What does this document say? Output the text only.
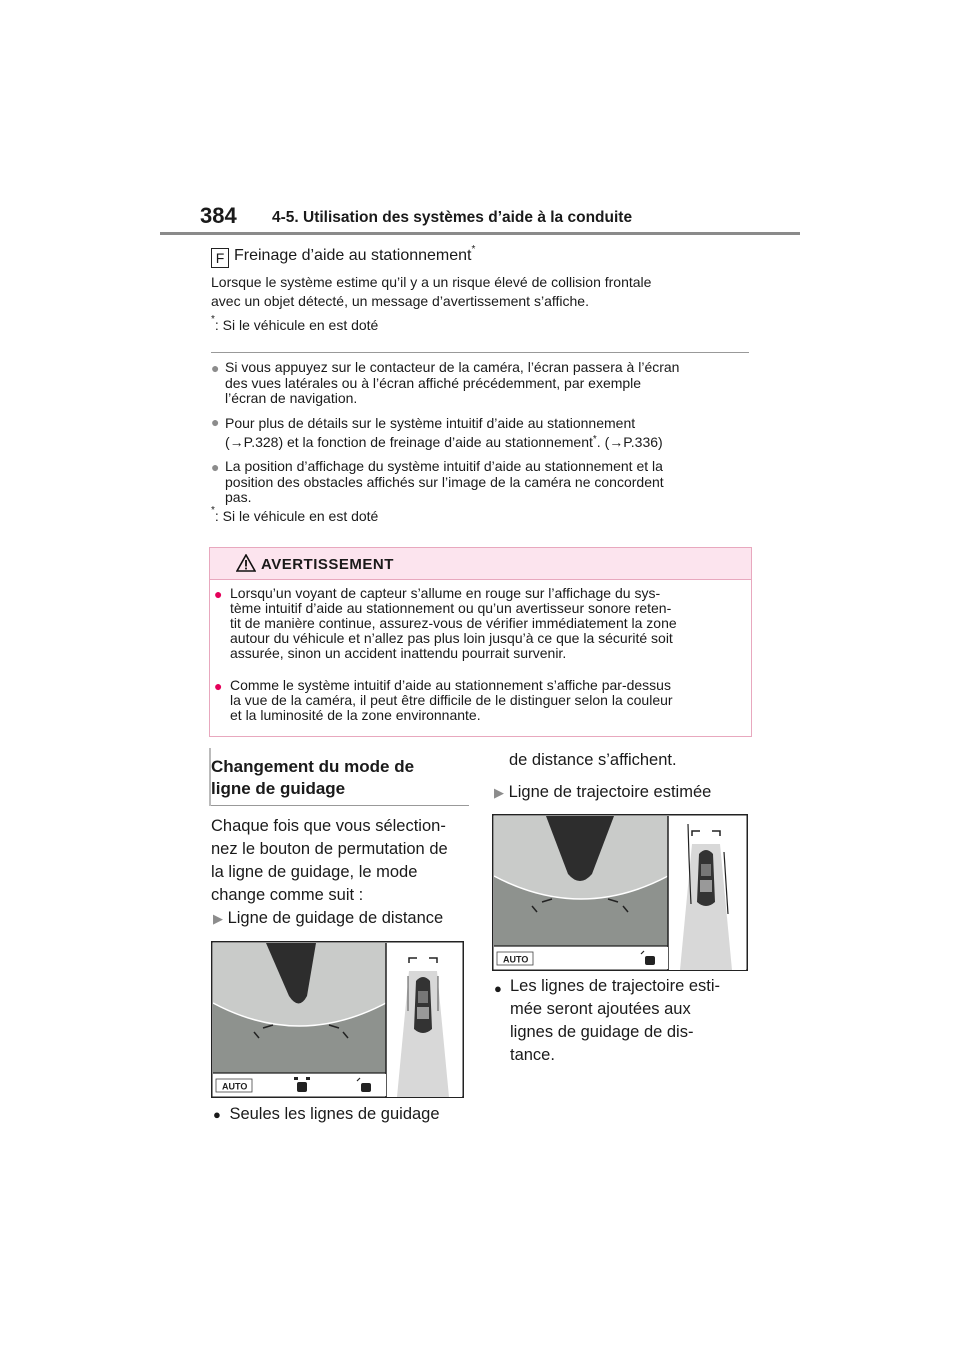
384 4-5. Utilisation des systèmes d’aide à la conduite
F Freinage d’aide au stationnement*
Lorsque le système estime qu’il y a un risque élevé de collision frontale
avec un objet détecté, un message d’avertissement s’affiche.
*: Si le véhicule en est doté
● Si vous appuyez sur le contacteur de la caméra, l’écran passera à l’écran
des vues latérales ou à l’écran affiché précédemment, par exemple
l’écran de navigation.
● Pour plus de détails sur le système intuitif d’aide au stationnement
(→P.328) et la fonction de freinage d’aide au stationnement*. (→P.336)
● La position d’affichage du système intuitif d’aide au stationnement et la
position des obstacles affichés sur l’image de la caméra ne concordent
pas.
*: Si le véhicule en est doté
AVERTISSEMENT
● Lorsqu’un voyant de capteur s’allume en rouge sur l’affichage du sys-
tème intuitif d’aide au stationnement ou qu’un avertisseur sonore reten-
tit de manière continue, assurez-vous de vérifier immédiatement la zone
autour du véhicule et n’allez pas plus loin jusqu’à ce que la sécurité soit
assurée, sinon un accident inattendu pourrait survenir.
● Comme le système intuitif d’aide au stationnement s’affiche par-dessus
la vue de la caméra, il peut être difficile de le distinguer selon la couleur
et la luminosité de la zone environnante.
Changement du mode de
ligne de guidage
Chaque fois que vous sélection-
nez le bouton de permutation de
la ligne de guidage, le mode
change comme suit :
▶ Ligne de guidage de distance
AUTO
● Seules les lignes de guidage
de distance s’affichent.
▶ Ligne de trajectoire estimée
AUTO
● Les lignes de trajectoire esti-
mée seront ajoutées aux
lignes de guidage de dis-
tance.
